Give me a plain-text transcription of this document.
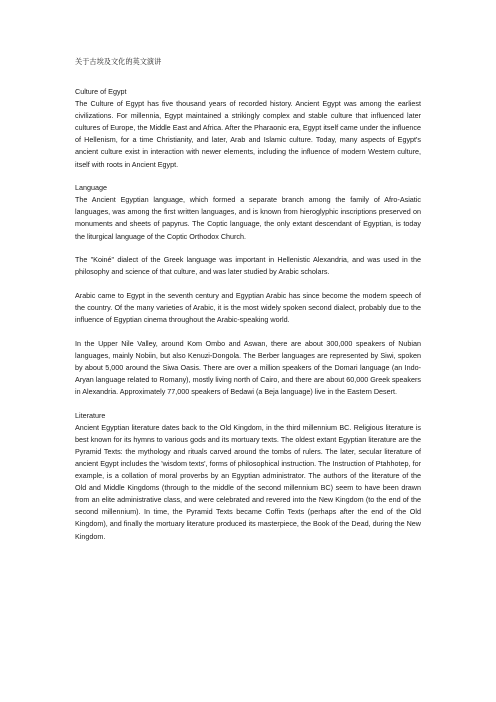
关于古埃及文化的英文演讲
Culture of Egypt

The Culture of Egypt has five thousand years of recorded history. Ancient Egypt was among the earliest civilizations. For millennia, Egypt maintained a strikingly complex and stable culture that influenced later cultures of Europe, the Middle East and Africa. After the Pharaonic era, Egypt itself came under the influence of Hellenism, for a time Christianity, and later, Arab and Islamic culture. Today, many aspects of Egypt's ancient culture exist in interaction with newer elements, including the influence of modern Western culture, itself with roots in Ancient Egypt.

Language

The Ancient Egyptian language, which formed a separate branch among the family of Afro-Asiatic languages, was among the first written languages, and is known from hieroglyphic inscriptions preserved on monuments and sheets of papyrus. The Coptic language, the only extant descendant of Egyptian, is today the liturgical language of the Coptic Orthodox Church.

The "Koiné" dialect of the Greek language was important in Hellenistic Alexandria, and was used in the philosophy and science of that culture, and was later studied by Arabic scholars.

Arabic came to Egypt in the seventh century and Egyptian Arabic has since become the modern speech of the country. Of the many varieties of Arabic, it is the most widely spoken second dialect, probably due to the influence of Egyptian cinema throughout the Arabic-speaking world.

In the Upper Nile Valley, around Kom Ombo and Aswan, there are about 300,000 speakers of Nubian languages, mainly Nobiin, but also Kenuzi-Dongola. The Berber languages are represented by Siwi, spoken by about 5,000 around the Siwa Oasis. There are over a million speakers of the Domari language (an Indo-Aryan language related to Romany), mostly living north of Cairo, and there are about 60,000 Greek speakers in Alexandria. Approximately 77,000 speakers of Bedawi (a Beja language) live in the Eastern Desert.

Literature

Ancient Egyptian literature dates back to the Old Kingdom, in the third millennium BC. Religious literature is best known for its hymns to various gods and its mortuary texts. The oldest extant Egyptian literature are the Pyramid Texts: the mythology and rituals carved around the tombs of rulers. The later, secular literature of ancient Egypt includes the 'wisdom texts', forms of philosophical instruction. The Instruction of Ptahhotep, for example, is a collation of moral proverbs by an Egyptian administrator. The authors of the literature of the Old and Middle Kingdoms (through to the middle of the second millennium BC) seem to have been drawn from an elite administrative class, and were celebrated and revered into the New Kingdom (to the end of the second millennium). In time, the Pyramid Texts became Coffin Texts (perhaps after the end of the Old Kingdom), and finally the mortuary literature produced its masterpiece, the Book of the Dead, during the New Kingdom.
